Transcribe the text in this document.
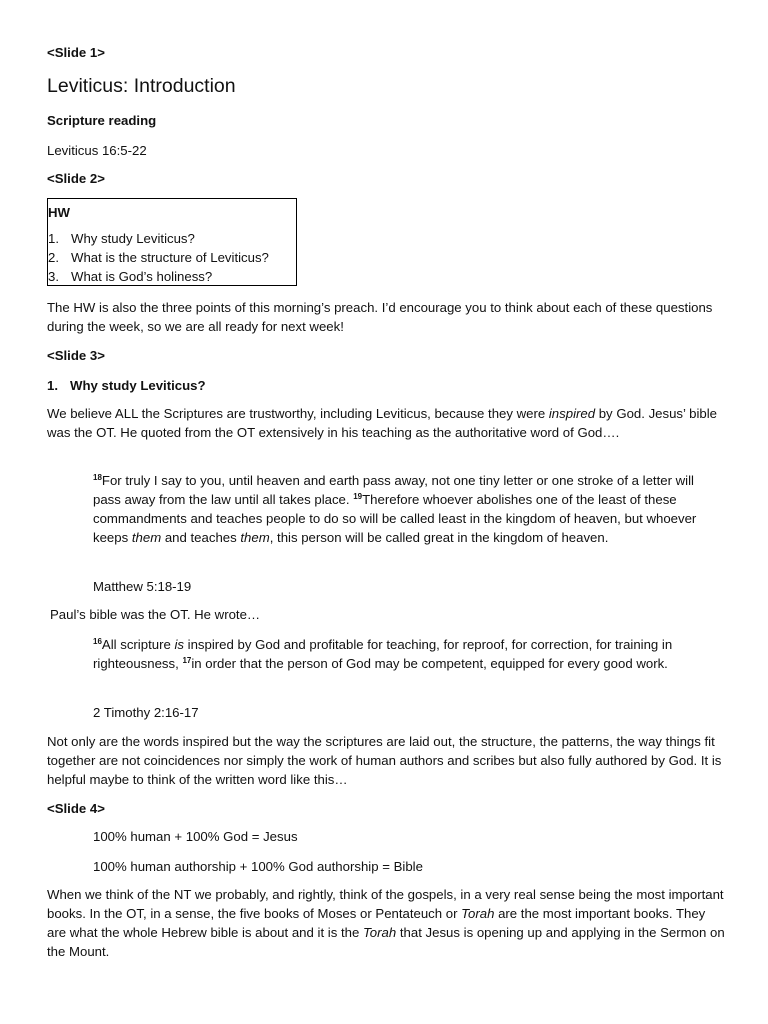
<Slide 1>
Leviticus: Introduction
Scripture reading
Leviticus 16:5-22
<Slide 2>
HW
1. Why study Leviticus?
2. What is the structure of Leviticus?
3. What is God’s holiness?
The HW is also the three points of this morning’s preach. I’d encourage you to think about each of these questions during the week, so we are all ready for next week!
<Slide 3>
1. Why study Leviticus?
We believe ALL the Scriptures are trustworthy, including Leviticus, because they were inspired by God. Jesus’ bible was the OT. He quoted from the OT extensively in his teaching as the authoritative word of God….
$^{18}$For truly I say to you, until heaven and earth pass away, not one tiny letter or one stroke of a letter will pass away from the law until all takes place. $^{19}$Therefore whoever abolishes one of the least of these commandments and teaches people to do so will be called least in the kingdom of heaven, but whoever keeps them and teaches them, this person will be called great in the kingdom of heaven.
Matthew 5:18-19
Paul’s bible was the OT. He wrote…
$^{16}$All scripture is inspired by God and profitable for teaching, for reproof, for correction, for training in righteousness, $^{17}$in order that the person of God may be competent, equipped for every good work.
2 Timothy 2:16-17
Not only are the words inspired but the way the scriptures are laid out, the structure, the patterns, the way things fit together are not coincidences nor simply the work of human authors and scribes but also fully authored by God. It is helpful maybe to think of the written word like this…
<Slide 4>
100% human + 100% God = Jesus
100% human authorship + 100% God authorship = Bible
When we think of the NT we probably, and rightly, think of the gospels, in a very real sense being the most important books. In the OT, in a sense, the five books of Moses or Pentateuch or Torah are the most important books. They are what the whole Hebrew bible is about and it is the Torah that Jesus is opening up and applying in the Sermon on the Mount.
